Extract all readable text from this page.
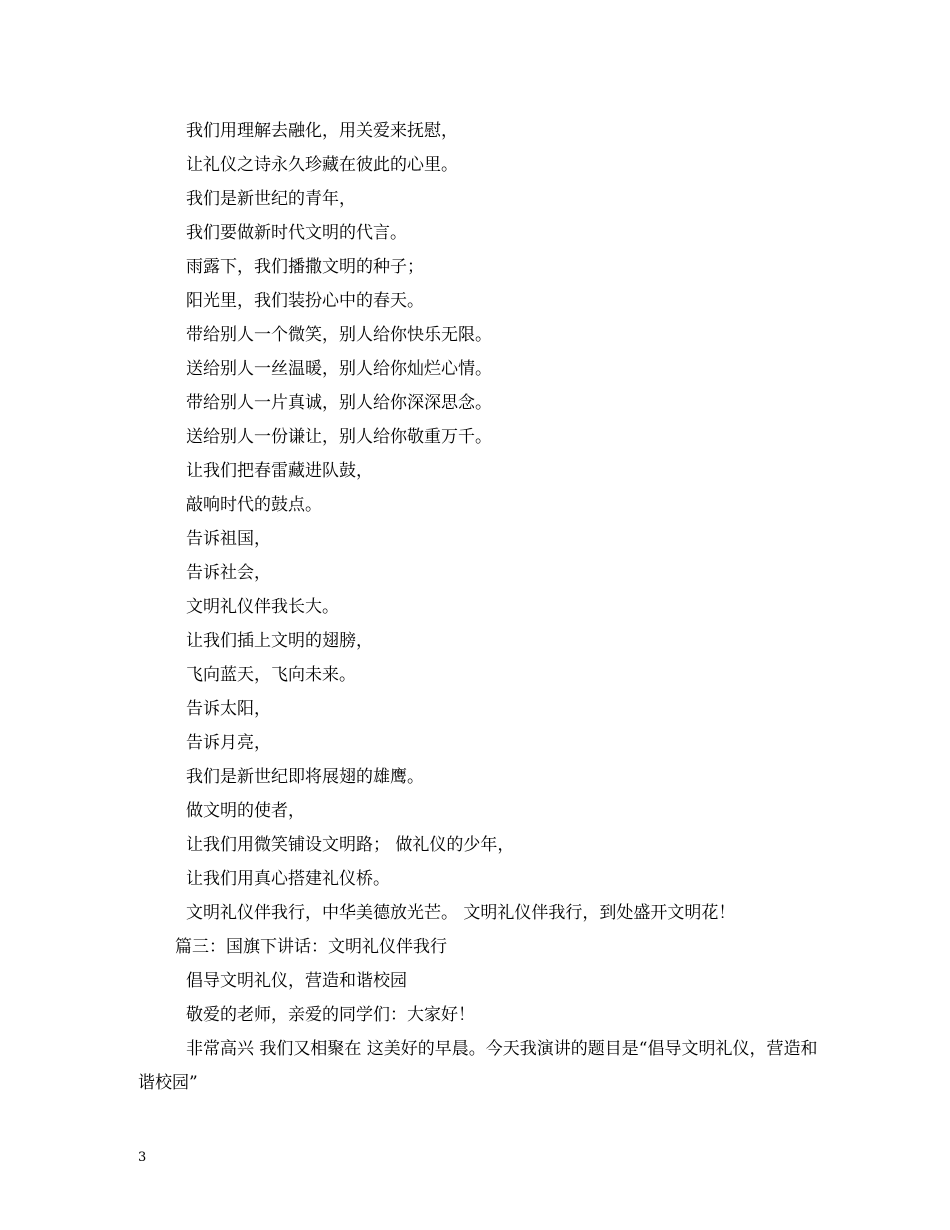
我们用理解去融化，用关爱来抚慰，
让礼仪之诗永久珍藏在彼此的心里。
我们是新世纪的青年，
我们要做新时代文明的代言。
雨露下，我们播撒文明的种子；
阳光里，我们装扮心中的春天。
带给别人一个微笑，别人给你快乐无限。
送给别人一丝温暖，别人给你灿烂心情。
带给别人一片真诚，别人给你深深思念。
送给别人一份谦让，别人给你敬重万千。
让我们把春雷藏进队鼓，
敲响时代的鼓点。
告诉祖国，
告诉社会，
文明礼仪伴我长大。
让我们插上文明的翅膀，
飞向蓝天，飞向未来。
告诉太阳，
告诉月亮，
我们是新世纪即将展翅的雄鹰。
做文明的使者，
让我们用微笑铺设文明路； 做礼仪的少年，
让我们用真心搭建礼仪桥。
文明礼仪伴我行，中华美德放光芒。 文明礼仪伴我行，到处盛开文明花！
篇三：国旗下讲话：文明礼仪伴我行
倡导文明礼仪，营造和谐校园
敬爱的老师，亲爱的同学们：大家好！
非常高兴 我们又相聚在 这美好的早晨。今天我演讲的题目是“倡导文明礼仪，营造和谐校园”
3
